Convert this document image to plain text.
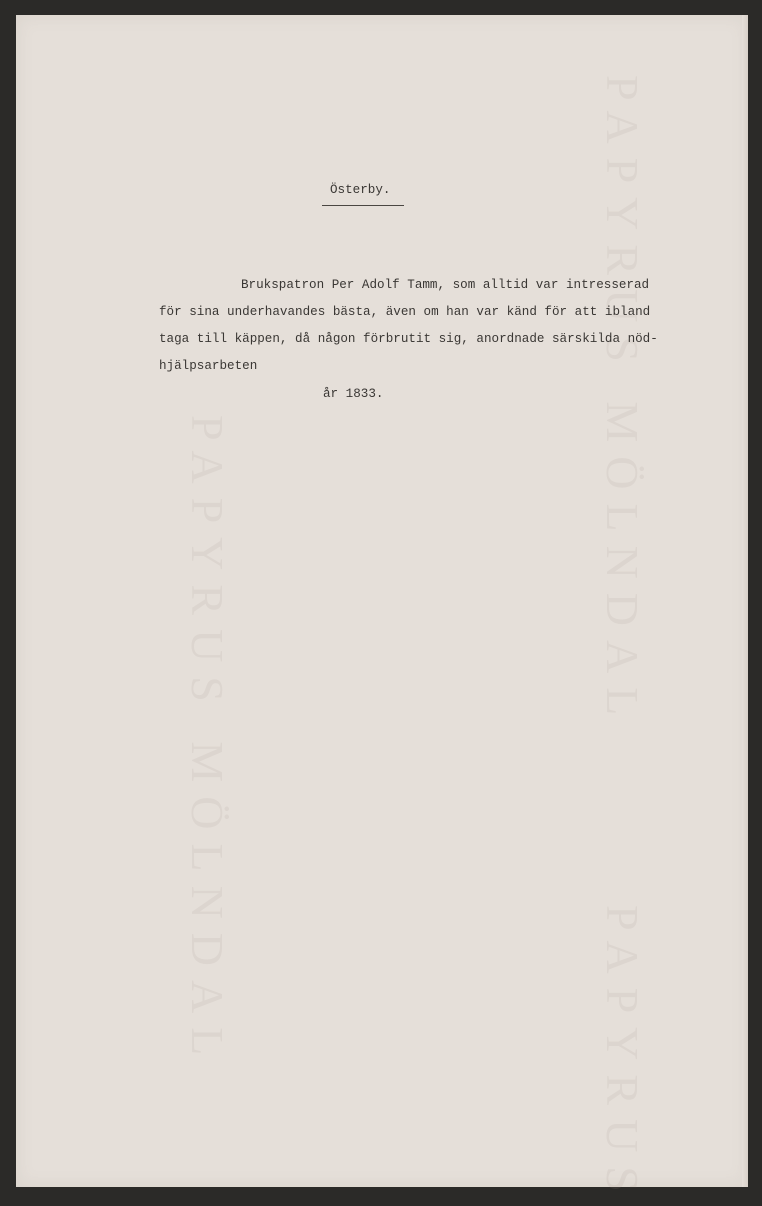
PAPYRUS MÖLNDAL
PAPYRUS MÖLNDAL
PAPYRUS
Österby.
Brukspatron Per Adolf Tamm, som alltid var intresserad
för sina underhavandes bästa, även om han var känd för att ibland
taga till käppen, då någon förbrutit sig, anordnade särskilda nöd-
hjälpsarbeten
år 1833.
